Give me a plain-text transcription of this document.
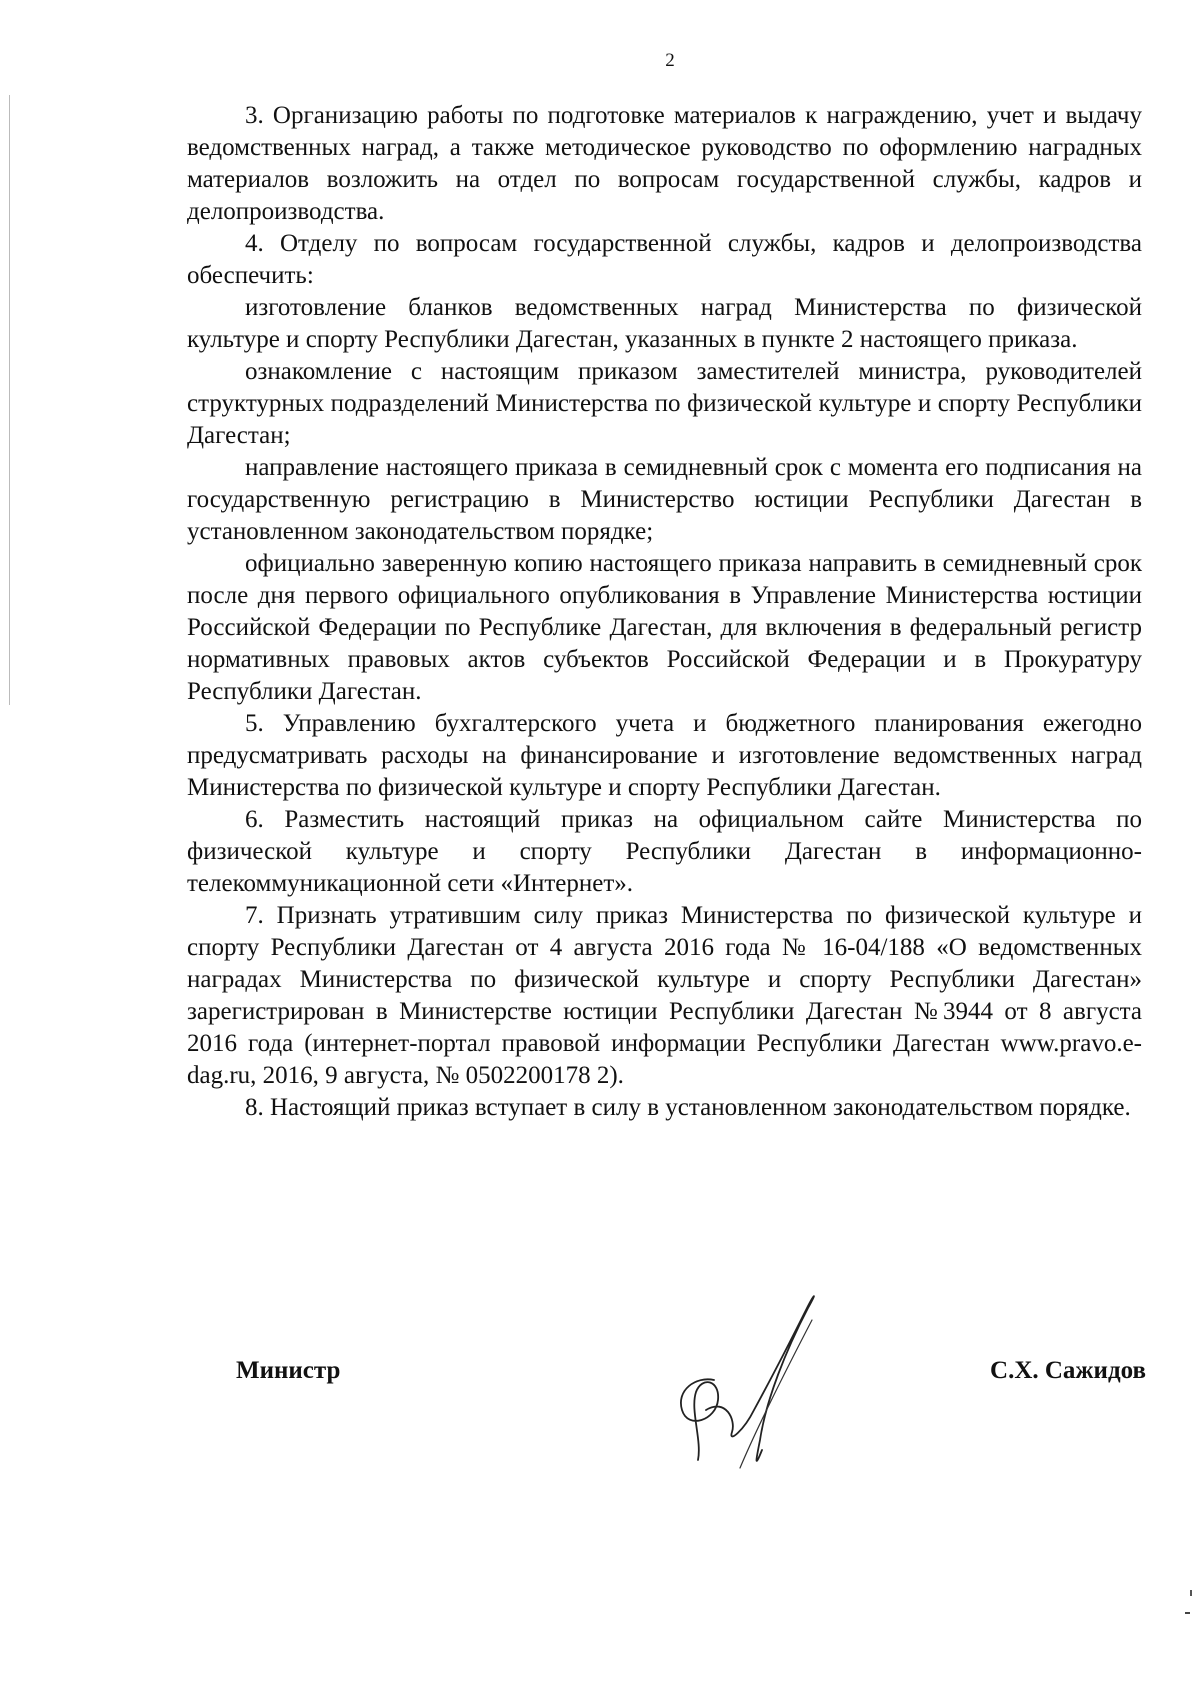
2

3. Организацию работы по подготовке материалов к награждению, учет и выдачу ведомственных наград, а также методическое руководство по оформлению наградных материалов возложить на отдел по вопросам государственной службы, кадров и делопроизводства.

4. Отделу по вопросам государственной службы, кадров и делопроизводства обеспечить:

изготовление бланков ведомственных наград Министерства по физической культуре и спорту Республики Дагестан, указанных в пункте 2 настоящего приказа.

ознакомление с настоящим приказом заместителей министра, руководителей структурных подразделений Министерства по физической культуре и спорту Республики Дагестан;

направление настоящего приказа в семидневный срок с момента его подписания на государственную регистрацию в Министерство юстиции Республики Дагестан в установленном законодательством порядке;

официально заверенную копию настоящего приказа направить в семидневный срок после дня первого официального опубликования в Управление Министерства юстиции Российской Федерации по Республике Дагестан, для включения в федеральный регистр нормативных правовых актов субъектов Российской Федерации и в Прокуратуру Республики Дагестан.

5. Управлению бухгалтерского учета и бюджетного планирования ежегодно предусматривать расходы на финансирование и изготовление ведомственных наград Министерства по физической культуре и спорту Республики Дагестан.

6. Разместить настоящий приказ на официальном сайте Министерства по физической культуре и спорту Республики Дагестан в информационно-телекоммуникационной сети «Интернет».

7. Признать утратившим силу приказ Министерства по физической культуре и спорту Республики Дагестан от 4 августа 2016 года № 16-04/188 «О ведомственных наградах Министерства по физической культуре и спорту Республики Дагестан» зарегистрирован в Министерстве юстиции Республики Дагестан №3944 от 8 августа 2016 года (интернет-портал правовой информации Республики Дагестан www.pravo.e-dag.ru, 2016, 9 августа, № 0502200178 2).

8. Настоящий приказ вступает в силу в установленном законодательством порядке.

Министр	С.Х. Сажидов
